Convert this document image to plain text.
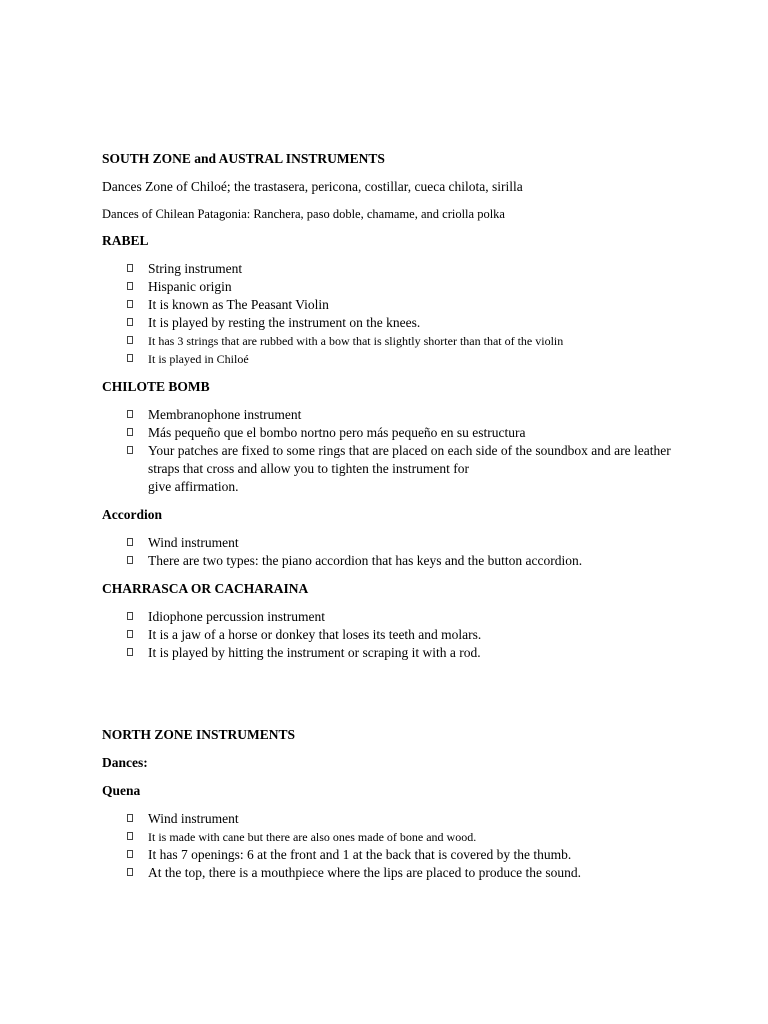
SOUTH ZONE and AUSTRAL INSTRUMENTS
Dances Zone of Chiloé; the trastasera, pericona, costillar, cueca chilota, sirilla
Dances of Chilean Patagonia: Ranchera, paso doble, chamame, and criolla polka
RABEL
String instrument
Hispanic origin
It is known as The Peasant Violin
It is played by resting the instrument on the knees.
It has 3 strings that are rubbed with a bow that is slightly shorter than that of the violin
It is played in Chiloé
CHILOTE BOMB
Membranophone instrument
Más pequeño que el bombo nortno pero más pequeño en su estructura
Your patches are fixed to some rings that are placed on each side of the soundbox and are leather straps that cross and allow you to tighten the instrument for
give affirmation.
Accordion
Wind instrument
There are two types: the piano accordion that has keys and the button accordion.
CHARRASCA OR CACHARAINA
Idiophone percussion instrument
It is a jaw of a horse or donkey that loses its teeth and molars.
It is played by hitting the instrument or scraping it with a rod.
NORTH ZONE INSTRUMENTS
Dances:
Quena
Wind instrument
It is made with cane but there are also ones made of bone and wood.
It has 7 openings: 6 at the front and 1 at the back that is covered by the thumb.
At the top, there is a mouthpiece where the lips are placed to produce the sound.
